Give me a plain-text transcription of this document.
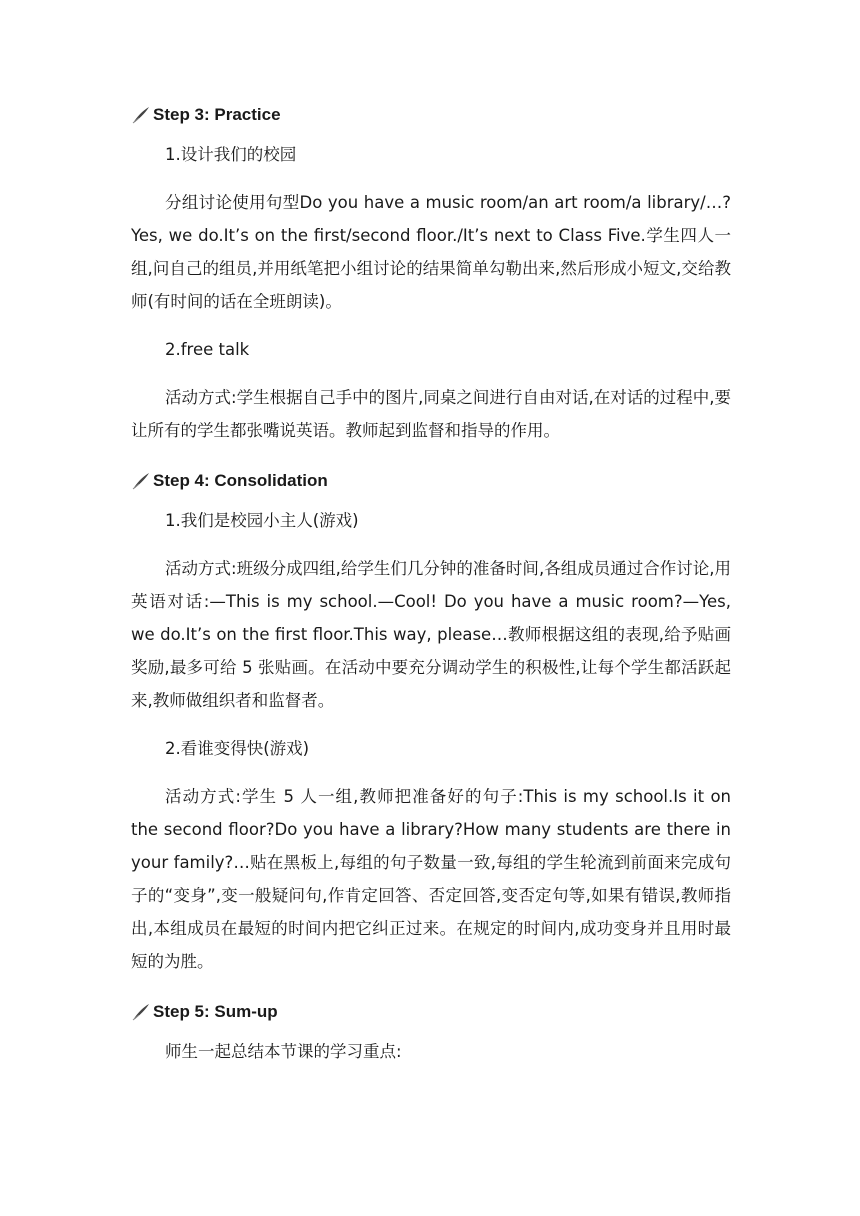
Step 3: Practice

1.设计我们的校园

分组讨论使用句型Do you have a music room/an art room/a library/…?Yes, we do.It’s on the first/second floor./It’s next to Class Five.学生四人一组,问自己的组员,并用纸笔把小组讨论的结果简单勾勒出来,然后形成小短文,交给教师(有时间的话在全班朗读)。

2.free talk

活动方式:学生根据自己手中的图片,同桌之间进行自由对话,在对话的过程中,要让所有的学生都张嘴说英语。教师起到监督和指导的作用。

Step 4: Consolidation

1.我们是校园小主人(游戏)

活动方式:班级分成四组,给学生们几分钟的准备时间,各组成员通过合作讨论,用英语对话:—This is my school.—Cool! Do you have a music room?—Yes, we do.It’s on the first floor.This way, please…教师根据这组的表现,给予贴画奖励,最多可给 5 张贴画。在活动中要充分调动学生的积极性,让每个学生都活跃起来,教师做组织者和监督者。

2.看谁变得快(游戏)

活动方式:学生 5 人一组,教师把准备好的句子:This is my school.Is it on the second floor?Do you have a library?How many students are there in your family?…贴在黑板上,每组的句子数量一致,每组的学生轮流到前面来完成句子的“变身”,变一般疑问句,作肯定回答、否定回答,变否定句等,如果有错误,教师指出,本组成员在最短的时间内把它纠正过来。在规定的时间内,成功变身并且用时最短的为胜。

Step 5: Sum-up

师生一起总结本节课的学习重点:
